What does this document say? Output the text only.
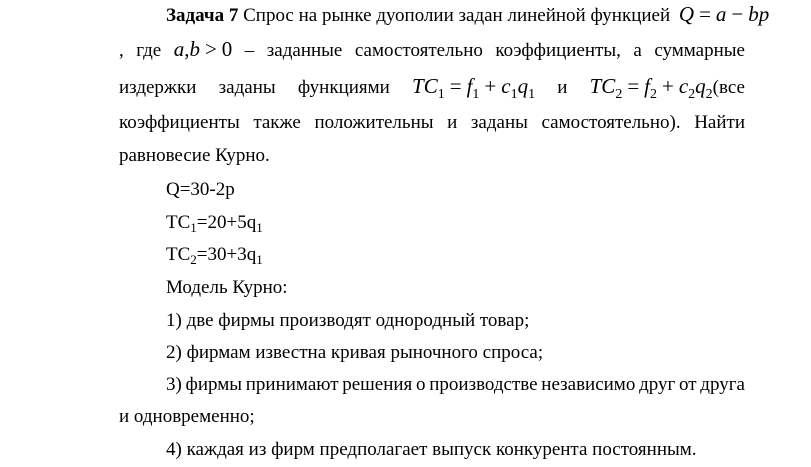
Задача 7 Спрос на рынке дуополии задан линейной функцией Q = a − bp
, где a,b > 0 – заданные самостоятельно коэффициенты, а суммарные
издержки заданы функциями $TC_1 = f_1 + c_1q_1$ и $TC_2 = f_2 + c_2q_2(все$
коэффициенты также положительны и заданы самостоятельно). Найти
равновесие Курно.
Q=30-2p
$TC_1=20+5q_1$
$TC_2=30+3q_1$
Модель Курно:
1) две фирмы производят однородный товар;
2) фирмам известна кривая рыночного спроса;
3) фирмы принимают решения о производстве независимо друг от друга
и одновременно;
4) каждая из фирм предполагает выпуск конкурента постоянным.
